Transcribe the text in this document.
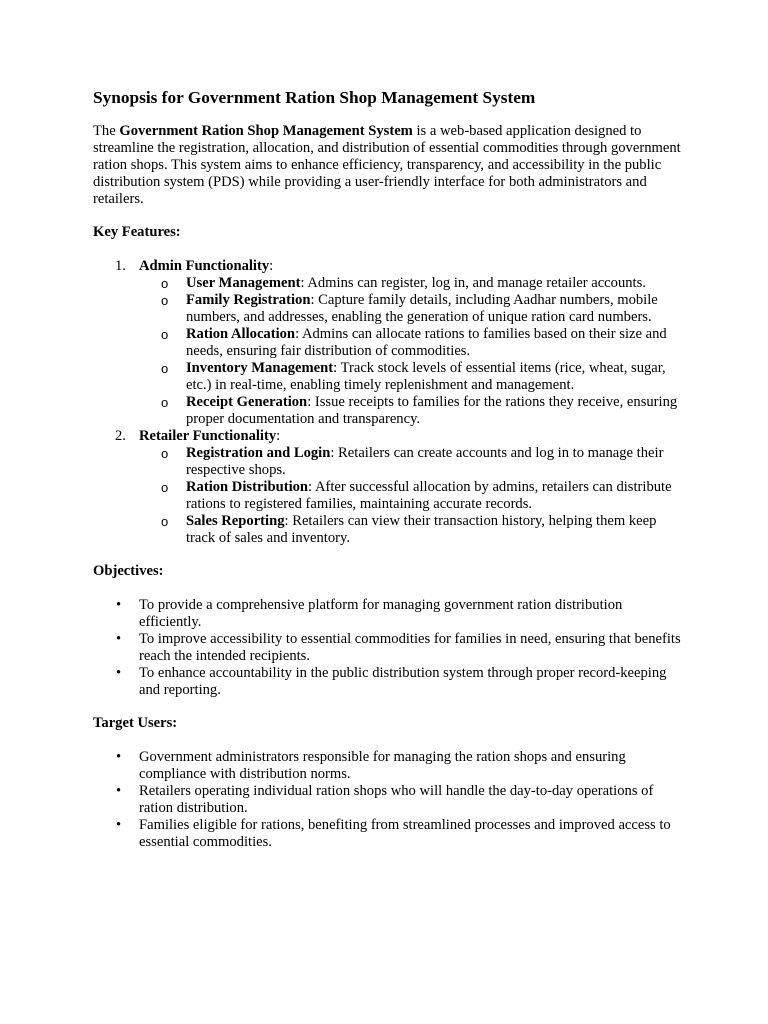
Synopsis for Government Ration Shop Management System

The Government Ration Shop Management System is a web-based application designed to streamline the registration, allocation, and distribution of essential commodities through government ration shops. This system aims to enhance efficiency, transparency, and accessibility in the public distribution system (PDS) while providing a user-friendly interface for both administrators and retailers.

Key Features:

1. Admin Functionality:
o User Management: Admins can register, log in, and manage retailer accounts.
o Family Registration: Capture family details, including Aadhar numbers, mobile numbers, and addresses, enabling the generation of unique ration card numbers.
o Ration Allocation: Admins can allocate rations to families based on their size and needs, ensuring fair distribution of commodities.
o Inventory Management: Track stock levels of essential items (rice, wheat, sugar, etc.) in real-time, enabling timely replenishment and management.
o Receipt Generation: Issue receipts to families for the rations they receive, ensuring proper documentation and transparency.
2. Retailer Functionality:
o Registration and Login: Retailers can create accounts and log in to manage their respective shops.
o Ration Distribution: After successful allocation by admins, retailers can distribute rations to registered families, maintaining accurate records.
o Sales Reporting: Retailers can view their transaction history, helping them keep track of sales and inventory.

Objectives:

• To provide a comprehensive platform for managing government ration distribution efficiently.
• To improve accessibility to essential commodities for families in need, ensuring that benefits reach the intended recipients.
• To enhance accountability in the public distribution system through proper record-keeping and reporting.

Target Users:

• Government administrators responsible for managing the ration shops and ensuring compliance with distribution norms.
• Retailers operating individual ration shops who will handle the day-to-day operations of ration distribution.
• Families eligible for rations, benefiting from streamlined processes and improved access to essential commodities.
